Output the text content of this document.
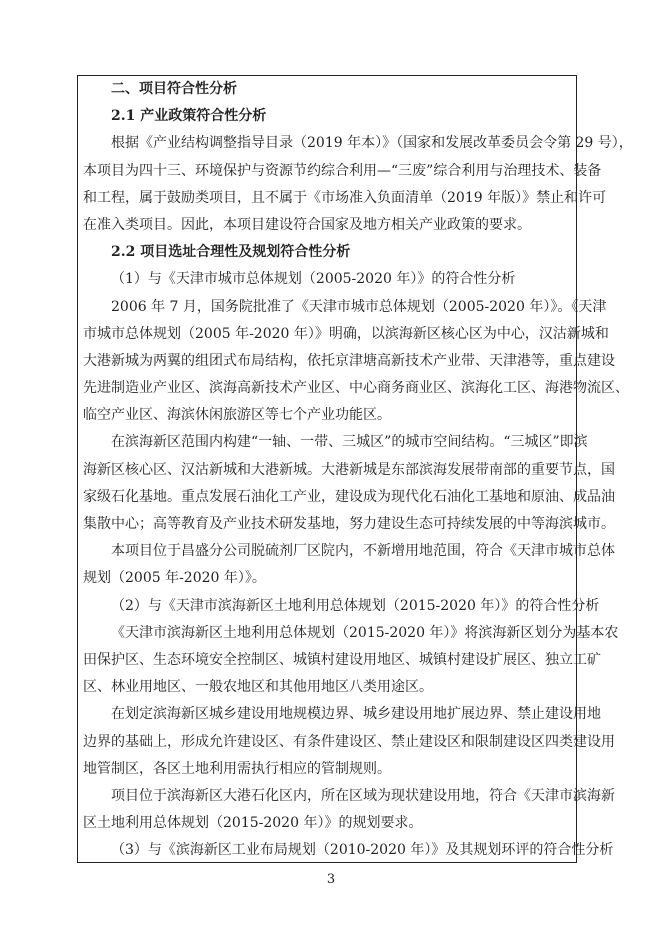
二、项目符合性分析
2.1 产业政策符合性分析
根据《产业结构调整指导目录（2019 年本）》（国家和发展改革委员会令第 29 号），
本项目为四十三、环境保护与资源节约综合利用—“三废”综合利用与治理技术、装备
和工程，属于鼓励类项目，且不属于《市场准入负面清单（2019 年版）》禁止和许可
在准入类项目。因此，本项目建设符合国家及地方相关产业政策的要求。
2.2 项目选址合理性及规划符合性分析
（1）与《天津市城市总体规划（2005-2020 年）》的符合性分析
2006 年 7 月，国务院批准了《天津市城市总体规划（2005-2020 年）》。《天津
市城市总体规划（2005 年-2020 年）》明确，以滨海新区核心区为中心，汉沽新城和
大港新城为两翼的组团式布局结构，依托京津塘高新技术产业带、天津港等，重点建设
先进制造业产业区、滨海高新技术产业区、中心商务商业区、滨海化工区、海港物流区、
临空产业区、海滨休闲旅游区等七个产业功能区。
在滨海新区范围内构建“一轴、一带、三城区”的城市空间结构。“三城区”即滨
海新区核心区、汉沽新城和大港新城。大港新城是东部滨海发展带南部的重要节点，国
家级石化基地。重点发展石油化工产业，建设成为现代化石油化工基地和原油、成品油
集散中心；高等教育及产业技术研发基地，努力建设生态可持续发展的中等海滨城市。
本项目位于昌盛分公司脱硫剂厂区院内，不新增用地范围，符合《天津市城市总体
规划（2005 年-2020 年）》。
（2）与《天津市滨海新区土地利用总体规划（2015-2020 年）》的符合性分析
《天津市滨海新区土地利用总体规划（2015-2020 年）》将滨海新区划分为基本农
田保护区、生态环境安全控制区、城镇村建设用地区、城镇村建设扩展区、独立工矿
区、林业用地区、一般农地区和其他用地区八类用途区。
在划定滨海新区城乡建设用地规模边界、城乡建设用地扩展边界、禁止建设用地
边界的基础上，形成允许建设区、有条件建设区、禁止建设区和限制建设区四类建设用
地管制区，各区土地利用需执行相应的管制规则。
项目位于滨海新区大港石化区内，所在区域为现状建设用地，符合《天津市滨海新
区土地利用总体规划（2015-2020 年）》的规划要求。
（3）与《滨海新区工业布局规划（2010-2020 年）》及其规划环评的符合性分析
3
